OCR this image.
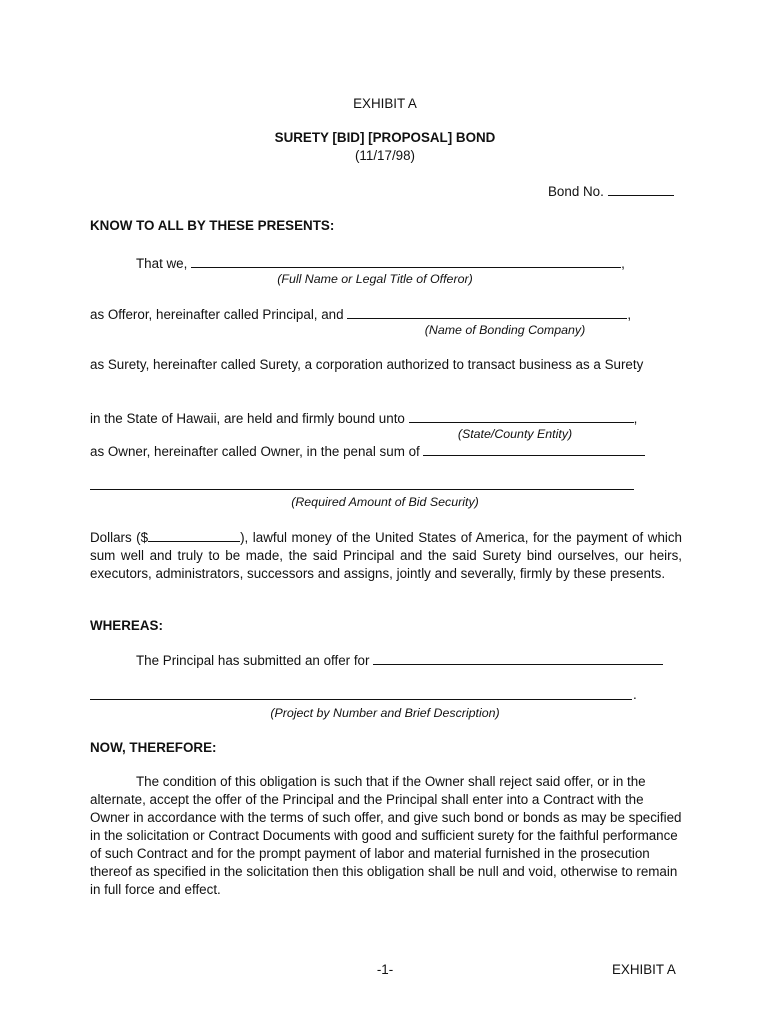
EXHIBIT A
SURETY [BID] [PROPOSAL] BOND
(11/17/98)
Bond No.
KNOW TO ALL BY THESE PRESENTS:
That we,	,
(Full Name or Legal Title of Offeror)
as Offeror, hereinafter called Principal, and	,
(Name of Bonding Company)
as Surety, hereinafter called Surety, a corporation authorized to transact business as a Surety
in the State of Hawaii, are held and firmly bound unto	,
(State/County Entity)
as Owner, hereinafter called Owner, in the penal sum of
(Required Amount of Bid Security)
Dollars ($	), lawful money of the United States of America, for the payment of which sum well and truly to be made, the said Principal and the said Surety bind ourselves, our heirs, executors, administrators, successors and assigns, jointly and severally, firmly by these presents.
WHEREAS:
The Principal has submitted an offer for
.
(Project by Number and Brief Description)
NOW, THEREFORE:
The condition of this obligation is such that if the Owner shall reject said offer, or in the alternate, accept the offer of the Principal and the Principal shall enter into a Contract with the Owner in accordance with the terms of such offer, and give such bond or bonds as may be specified in the solicitation or Contract Documents with good and sufficient surety for the faithful performance of such Contract and for the prompt payment of labor and material furnished in the prosecution thereof as specified in the solicitation then this obligation shall be null and void, otherwise to remain in full force and effect.
-1-	EXHIBIT A
